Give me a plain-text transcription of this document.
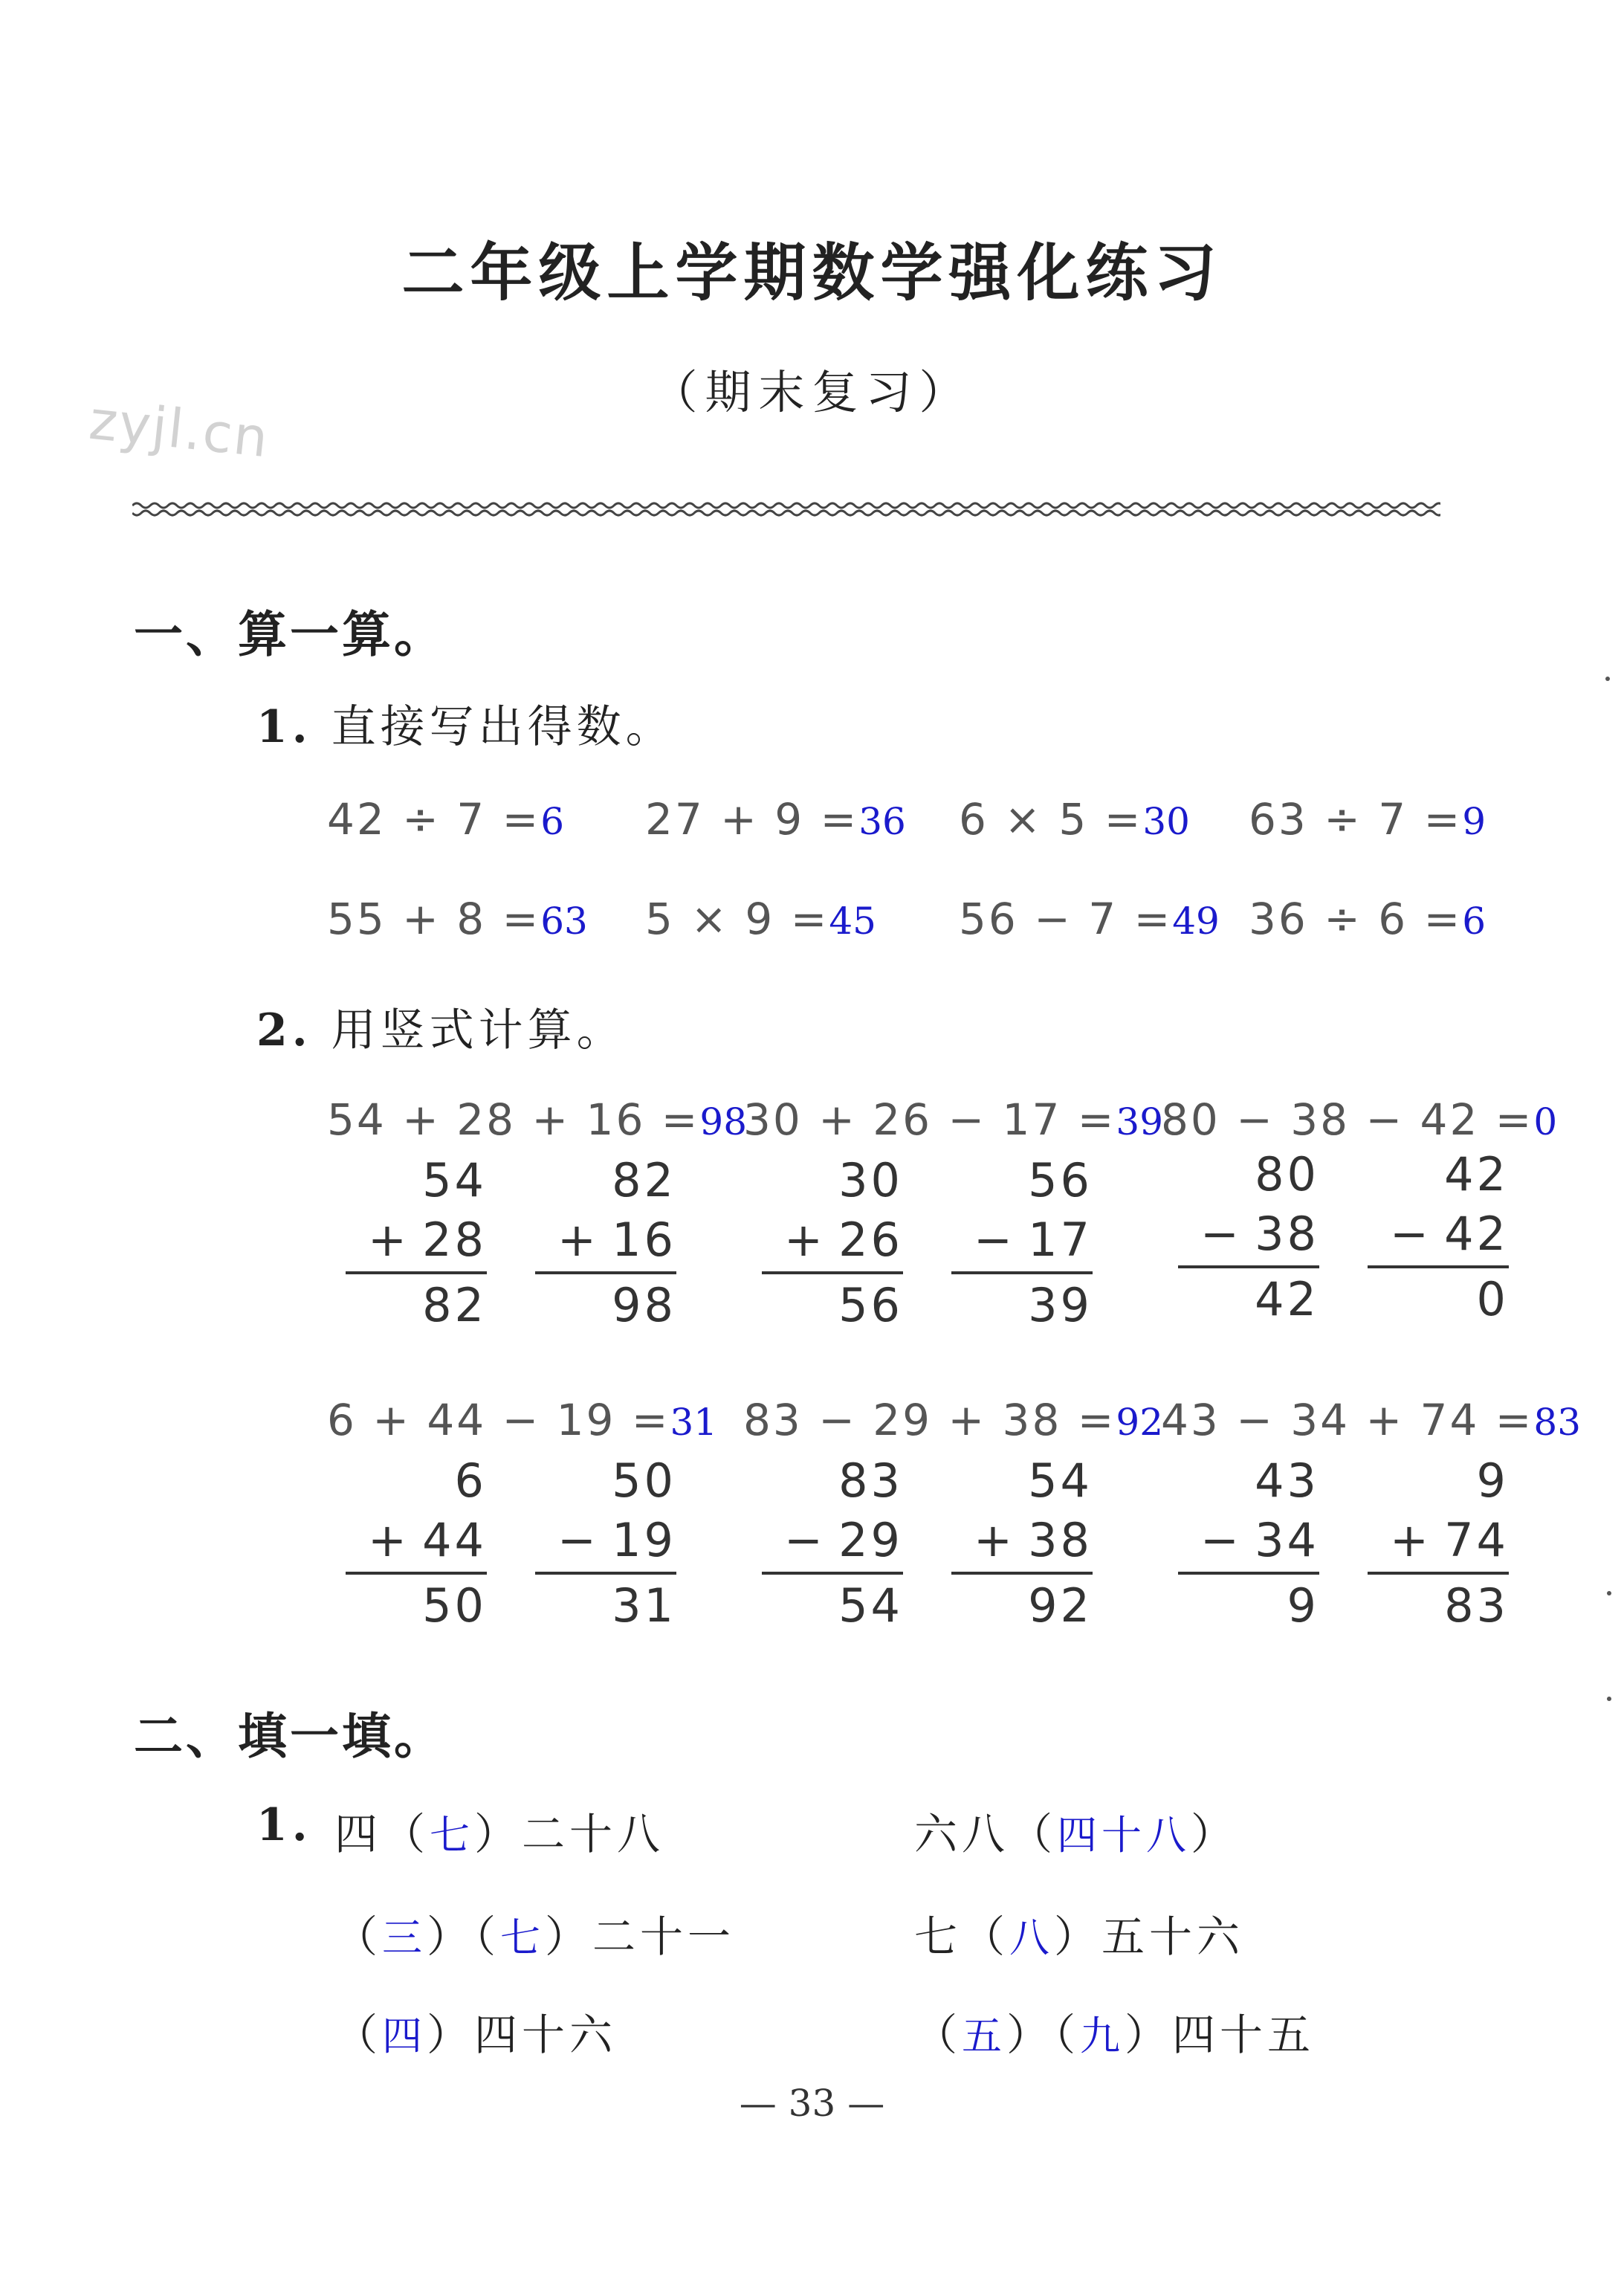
二年级上学期数学强化练习
（期末复习）
zyjl.cn
一、算一算。
1. 直接写出得数。
42 ÷ 7 =6 27 + 9 =36 6 × 5 =30 63 ÷ 7 =9
55 + 8 =63 5 × 9 =45 56 − 7 =49 36 ÷ 6 =6
2. 用竖式计算。
54 + 28 + 16 =98
30 + 26 − 17 =39
80 − 38 − 42 =0
54
+ 28
82
82
+ 16
98
30
+ 26
56
56
− 17
39
80
− 38
42
42
− 42
0
6 + 44 − 19 =31 83 − 29 + 38 =92
43 − 34 + 74 =83
6
+ 44
50
50
− 19
31
83
− 29
54
54
+ 38
92
43
− 34
9
9
+ 74
83
二、填一填。
1. 四（七）二十八	六八（四十八）
（三）（七）二十一	七（八）五十六
（四）四十六	（五）（九）四十五
— 33 —
